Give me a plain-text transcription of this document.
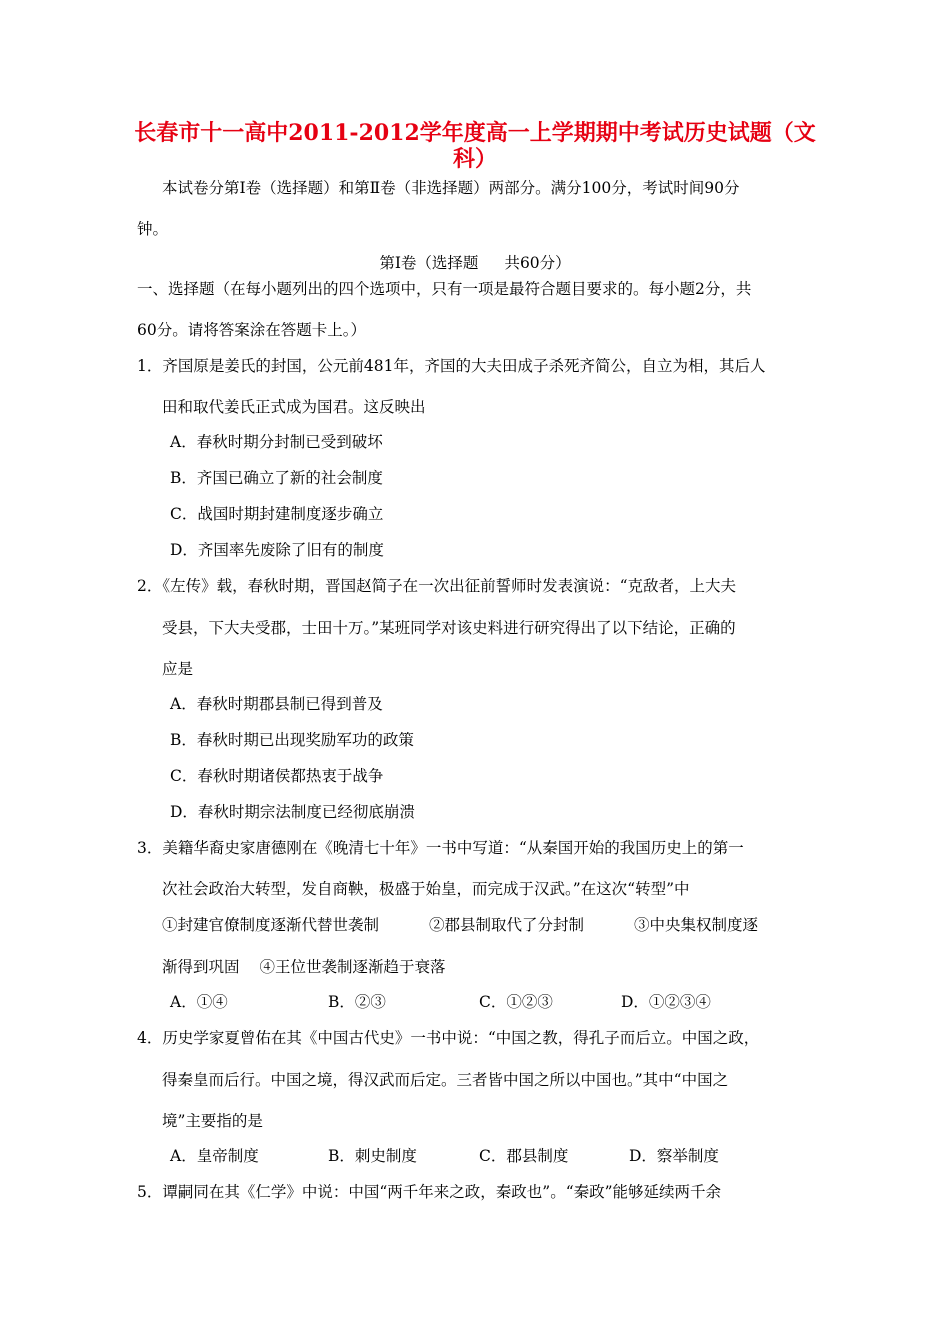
长春市十一高中2011-2012学年度高一上学期期中考试历史试题（文
科）
本试卷分第Ⅰ卷（选择题）和第Ⅱ卷（非选择题）两部分。满分100分，考试时间90分
钟。
第Ⅰ卷（选择题 共60分）
一、选择题（在每小题列出的四个选项中，只有一项是最符合题目要求的。每小题2分，共
60分。请将答案涂在答题卡上。）
1．齐国原是姜氏的封国，公元前481年，齐国的大夫田成子杀死齐简公，自立为相，其后人
田和取代姜氏正式成为国君。这反映出
A．春秋时期分封制已受到破坏
B．齐国已确立了新的社会制度
C．战国时期封建制度逐步确立
D．齐国率先废除了旧有的制度
2．《左传》载，春秋时期，晋国赵简子在一次出征前誓师时发表演说：“克敌者，上大夫
受县，下大夫受郡，士田十万。”某班同学对该史料进行研究得出了以下结论，正确的
应是
A．春秋时期郡县制已得到普及
B．春秋时期已出现奖励军功的政策
C．春秋时期诸侯都热衷于战争
D．春秋时期宗法制度已经彻底崩溃
3．美籍华裔史家唐德刚在《晚清七十年》一书中写道：“从秦国开始的我国历史上的第一
次社会政治大转型，发自商鞅，极盛于始皇，而完成于汉武。”在这次“转型”中
①封建官僚制度逐渐代替世袭制	②郡县制取代了分封制	③中央集权制度逐
渐得到巩固 ④王位世袭制逐渐趋于衰落
A．①④	B．②③	C．①②③	D．①②③④
4．历史学家夏曾佑在其《中国古代史》一书中说：“中国之教，得孔子而后立。中国之政，
得秦皇而后行。中国之境，得汉武而后定。三者皆中国之所以中国也。”其中“中国之
境”主要指的是
A．皇帝制度	B．刺史制度	C．郡县制度	D．察举制度
5．谭嗣同在其《仁学》中说：中国“两千年来之政，秦政也”。“秦政”能够延续两千余
